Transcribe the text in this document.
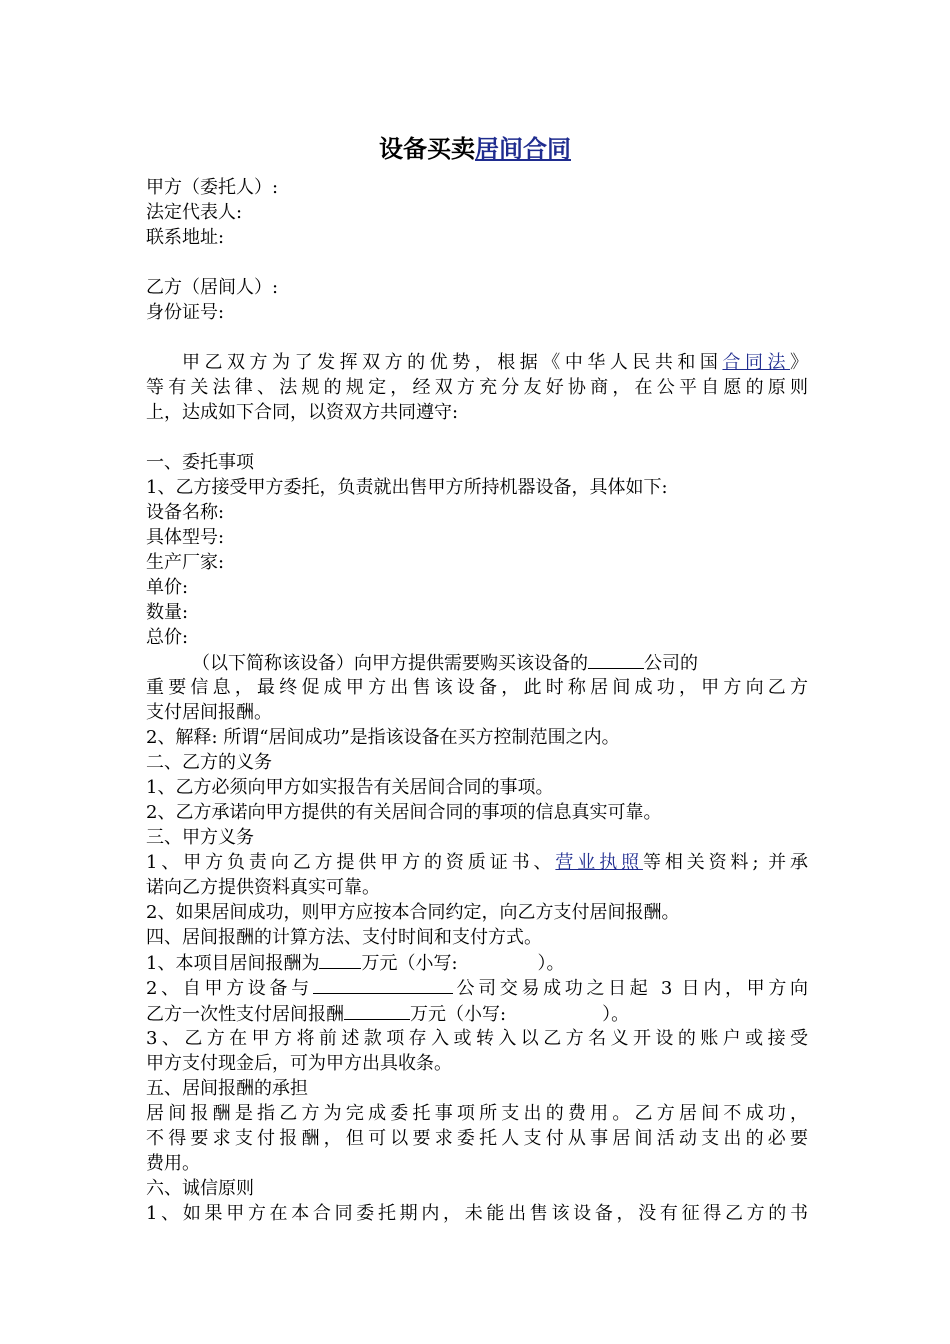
设备买卖居间合同

甲方（委托人）:

法定代表人:

联系地址:

乙方（居间人）:

身份证号:

甲乙双方为了发挥双方的优势，根据《中华人民共和国合同法》

等有关法律、法规的规定，经双方充分友好协商，在公平自愿的原则

上，达成如下合同，以资双方共同遵守:

一、委托事项

1、乙方接受甲方委托，负责就出售甲方所持机器设备，具体如下:

设备名称:

具体型号:

生产厂家:

单价:

数量:

总价:

（以下简称该设备）向甲方提供需要购买该设备的	公司的

重要信息，最终促成甲方出售该设备，此时称居间成功，甲方向乙方

支付居间报酬。

2、解释: 所谓“居间成功”是指该设备在买方控制范围之内。

二、乙方的义务

1、乙方必须向甲方如实报告有关居间合同的事项。

2、乙方承诺向甲方提供的有关居间合同的事项的信息真实可靠。

三、甲方义务

1、甲方负责向乙方提供甲方的资质证书、营业执照等相关资料; 并承

诺向乙方提供资料真实可靠。

2、如果居间成功，则甲方应按本合同约定，向乙方支付居间报酬。

四、居间报酬的计算方法、支付时间和支付方式。

1、本项目居间报酬为 万元（小写:	）。

2、自甲方设备与	公司交易成功之日起 3 日内，甲方向

乙方一次性支付居间报酬	万元（小写:	）。

3、乙方在甲方将前述款项存入或转入以乙方名义开设的账户或接受

甲方支付现金后，可为甲方出具收条。

五、居间报酬的承担

居间报酬是指乙方为完成委托事项所支出的费用。乙方居间不成功，

不得要求支付报酬，但可以要求委托人支付从事居间活动支出的必要

费用。

六、诚信原则

1、如果甲方在本合同委托期内，未能出售该设备，没有征得乙方的书
